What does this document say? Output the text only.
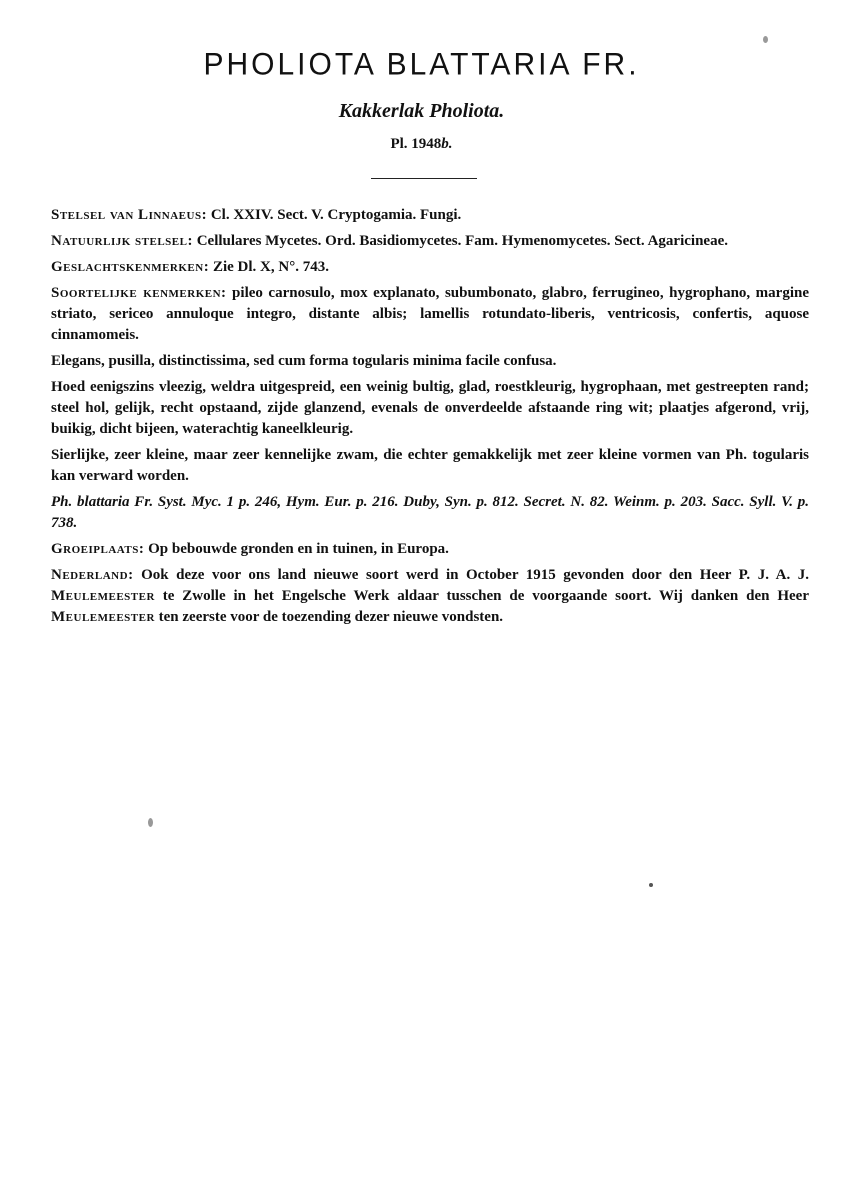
PHOLIOTA BLATTARIA FR.
Kakkerlak Pholiota.
Pl. 1948b.

Stelsel van Linnaeus: Cl. XXIV. Sect. V. Cryptogamia. Fungi.

Natuurlijk stelsel: Cellulares Mycetes. Ord. Basidiomycetes. Fam. Hymenomycetes. Sect. Agaricineae.

Geslachtskenmerken: Zie Dl. X, N°. 743.

Soortelijke kenmerken: pileo carnosulo, mox explanato, subumbonato, glabro, ferrugineo, hygrophano, margine striato, sericeo annuloque integro, distante albis; lamellis rotundato-liberis, ventricosis, confertis, aquose cinnamomeis.

Elegans, pusilla, distinctissima, sed cum forma togularis minima facile confusa.

Hoed eenigszins vleezig, weldra uitgespreid, een weinig bultig, glad, roestkleurig, hygrophaan, met gestreepten rand; steel hol, gelijk, recht opstaand, zijde glanzend, evenals de onverdeelde afstaande ring wit; plaatjes afgerond, vrij, buikig, dicht bijeen, waterachtig kaneelkleurig.

Sierlijke, zeer kleine, maar zeer kennelijke zwam, die echter gemakkelijk met zeer kleine vormen van Ph. togularis kan verward worden.

Ph. blattaria Fr. Syst. Myc. 1 p. 246, Hym. Eur. p. 216. Duby, Syn. p. 812. Secret. N. 82. Weinm. p. 203. Sacc. Syll. V. p. 738.

Groeiplaats: Op bebouwde gronden en in tuinen, in Europa.

Nederland: Ook deze voor ons land nieuwe soort werd in October 1915 gevonden door den Heer P. J. A. J. Meulemeester te Zwolle in het Engelsche Werk aldaar tusschen de voorgaande soort. Wij danken den Heer Meulemeester ten zeerste voor de toezending dezer nieuwe vondsten.
